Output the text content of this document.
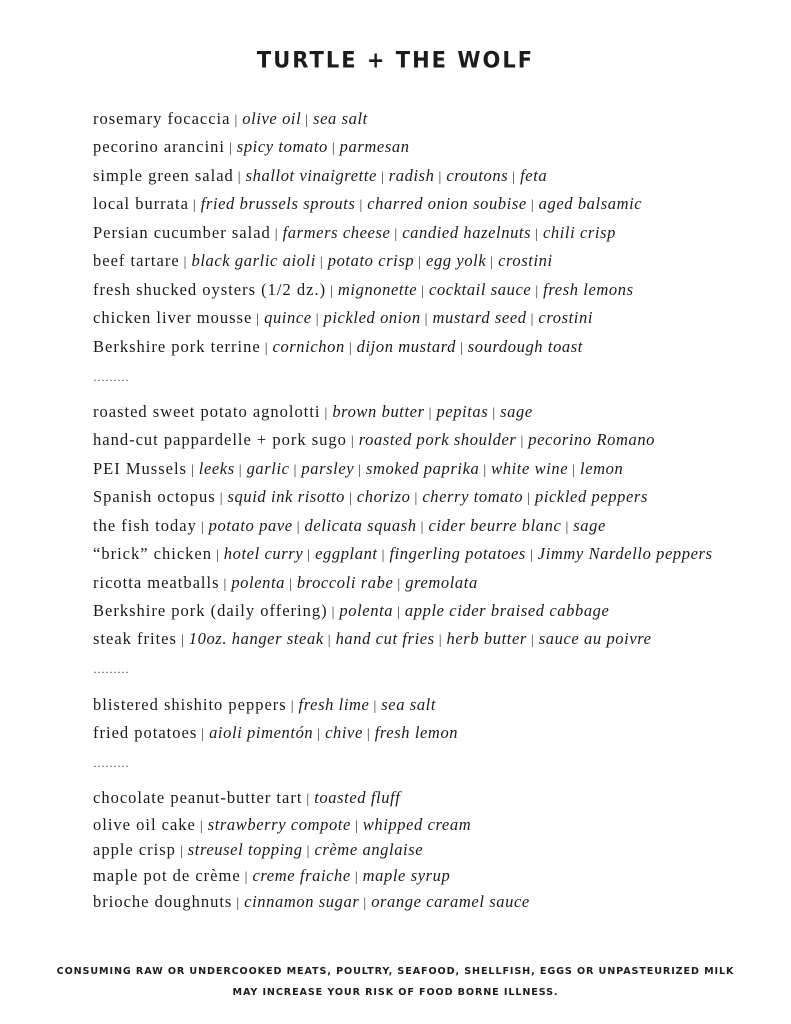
TURTLE + THE WOLF
rosemary focaccia | olive oil | sea salt
pecorino arancini | spicy tomato | parmesan
simple green salad | shallot vinaigrette | radish | croutons | feta
local burrata | fried brussels sprouts | charred onion soubise | aged balsamic
Persian cucumber salad | farmers cheese | candied hazelnuts | chili crisp
beef tartare | black garlic aioli | potato crisp | egg yolk | crostini
fresh shucked oysters (1/2 dz.) | mignonette | cocktail sauce | fresh lemons
chicken liver mousse | quince | pickled onion | mustard seed | crostini
Berkshire pork terrine | cornichon | dijon mustard | sourdough toast
………
roasted sweet potato agnolotti | brown butter | pepitas | sage
hand-cut pappardelle + pork sugo | roasted pork shoulder | pecorino Romano
PEI Mussels | leeks | garlic | parsley | smoked paprika | white wine | lemon
Spanish octopus | squid ink risotto | chorizo | cherry tomato | pickled peppers
the fish today | potato pave | delicata squash | cider beurre blanc | sage
“brick” chicken | hotel curry | eggplant | fingerling potatoes | Jimmy Nardello peppers
ricotta meatballs | polenta | broccoli rabe | gremolata
Berkshire pork (daily offering) | polenta | apple cider braised cabbage
steak frites | 10oz. hanger steak | hand cut fries | herb butter | sauce au poivre
………
blistered shishito peppers | fresh lime | sea salt
fried potatoes | aioli pimentón | chive | fresh lemon
………
chocolate peanut-butter tart | toasted fluff
olive oil cake | strawberry compote | whipped cream
apple crisp | streusel topping | crème anglaise
maple pot de crème | creme fraiche | maple syrup
brioche doughnuts | cinnamon sugar | orange caramel sauce
CONSUMING RAW OR UNDERCOOKED MEATS, POULTRY, SEAFOOD, SHELLFISH, EGGS OR UNPASTEURIZED MILK
MAY INCREASE YOUR RISK OF FOOD BORNE ILLNESS.
